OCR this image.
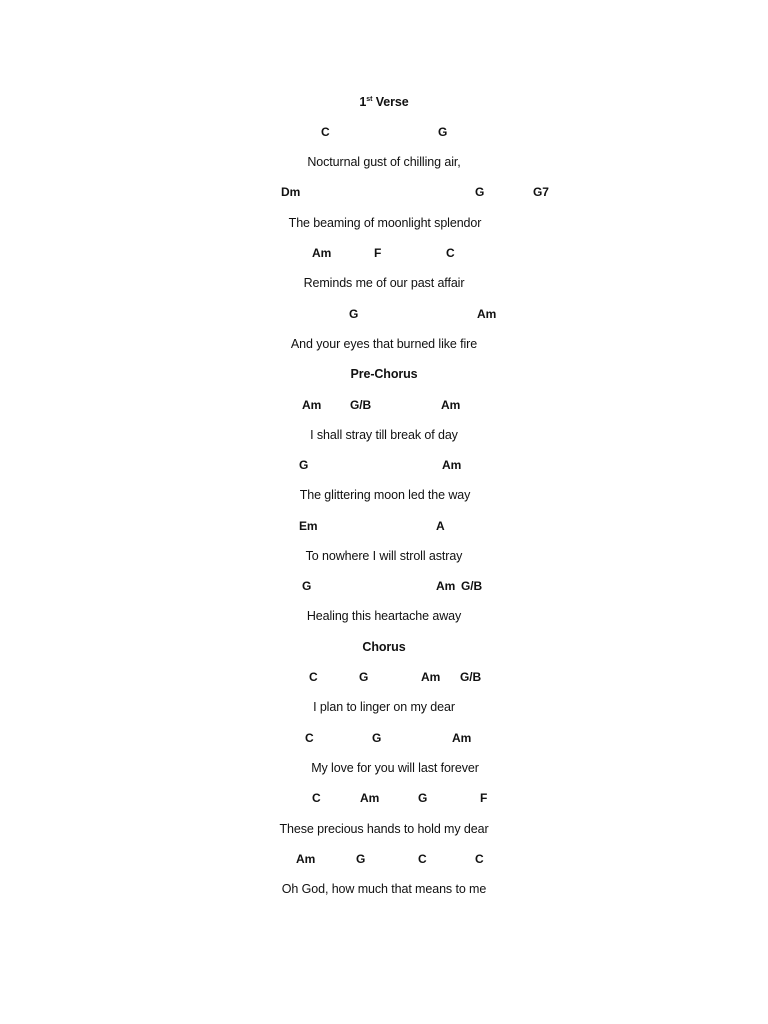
1st Verse
C	G
Nocturnal gust of chilling air,
Dm	G	G7
The beaming of moonlight splendor
Am	F	C
Reminds me of our past affair
G	Am
And your eyes that burned like fire
Pre-Chorus
Am G/B	Am
I shall stray till break of day
G	Am
The glittering moon led the way
Em	A
To nowhere I will stroll astray
G	Am G/B
Healing this heartache away
Chorus
C	G	Am G/B
I plan to linger on my dear
C	G	Am
My love for you will last forever
C	Am	G	F
These precious hands to hold my dear
Am	G	C	C
Oh God, how much that means to me
